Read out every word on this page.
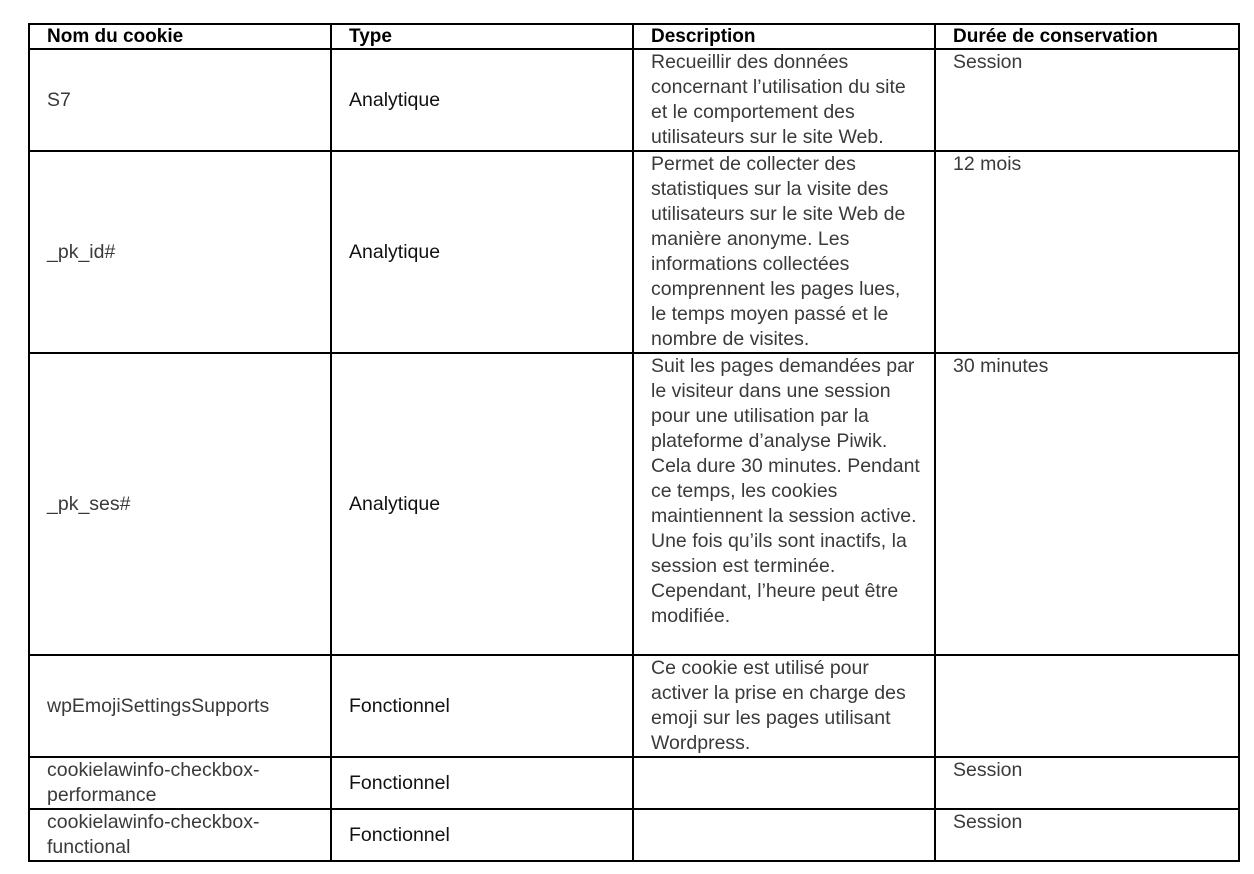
Nom du cookie	Type	Description	Durée de conservation
S7	Analytique	Recueillir des données concernant l’utilisation du site et le comportement des utilisateurs sur le site Web.	Session
_pk_id#	Analytique	Permet de collecter des statistiques sur la visite des utilisateurs sur le site Web de manière anonyme. Les informations collectées comprennent les pages lues, le temps moyen passé et le nombre de visites.	12 mois
_pk_ses#	Analytique	Suit les pages demandées par le visiteur dans une session pour une utilisation par la plateforme d’analyse Piwik. Cela dure 30 minutes. Pendant ce temps, les cookies maintiennent la session active. Une fois qu’ils sont inactifs, la session est terminée. Cependant, l’heure peut être modifiée.	30 minutes
wpEmojiSettingsSupports	Fonctionnel	Ce cookie est utilisé pour activer la prise en charge des emoji sur les pages utilisant Wordpress.	
cookielawinfo-checkbox-performance	Fonctionnel		Session
cookielawinfo-checkbox-functional	Fonctionnel		Session
